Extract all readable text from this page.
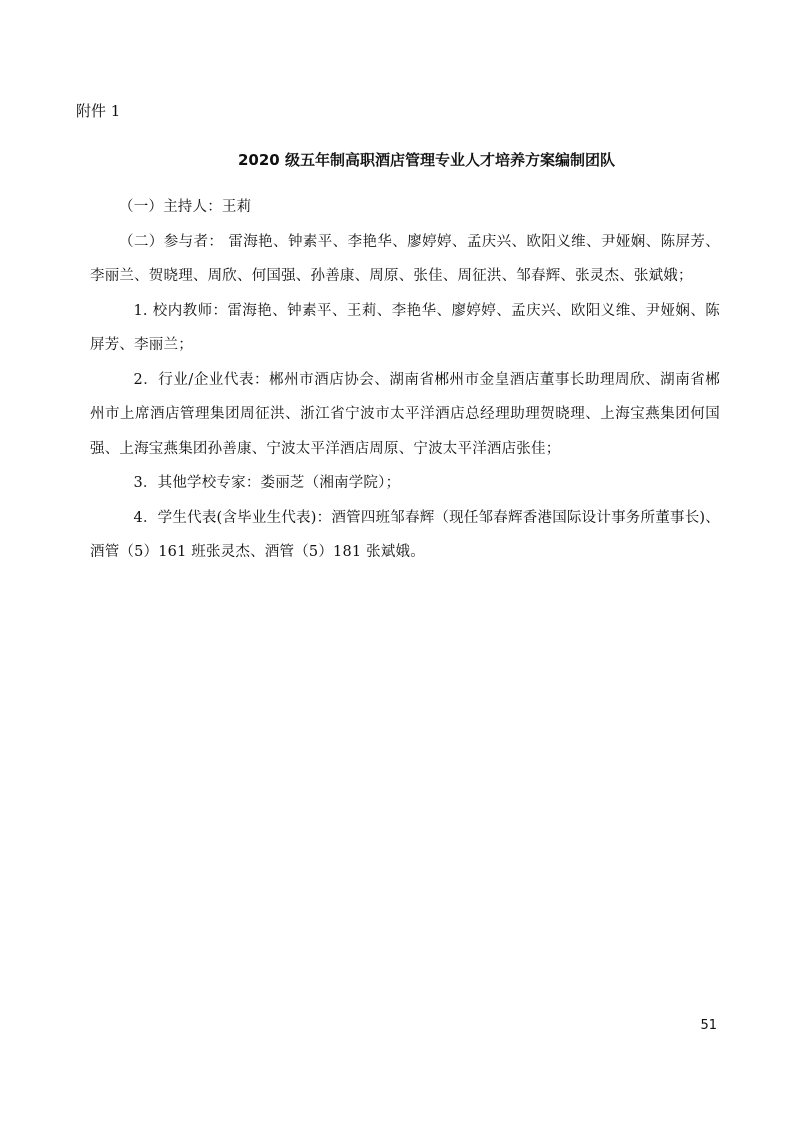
附件 1
2020 级五年制高职酒店管理专业人才培养方案编制团队

（一）主持人：王莉

（二）参与者： 雷海艳、钟素平、李艳华、廖婷婷、孟庆兴、欧阳义维、尹娅娴、陈屏芳、李丽兰、贺晓理、周欣、何国强、孙善康、周原、张佳、周征洪、邹春辉、张灵杰、张斌娥；

1. 校内教师：雷海艳、钟素平、王莉、李艳华、廖婷婷、孟庆兴、欧阳义维、尹娅娴、陈屏芳、李丽兰；

2．行业/企业代表：郴州市酒店协会、湖南省郴州市金皇酒店董事长助理周欣、湖南省郴州市上席酒店管理集团周征洪、浙江省宁波市太平洋酒店总经理助理贺晓理、上海宝燕集团何国强、上海宝燕集团孙善康、宁波太平洋酒店周原、宁波太平洋酒店张佳；

3．其他学校专家：娄丽芝（湘南学院）；

4．学生代表(含毕业生代表)：酒管四班邹春辉（现任邹春辉香港国际设计事务所董事长)、酒管（5）161 班张灵杰、酒管（5）181 张斌娥。

51
